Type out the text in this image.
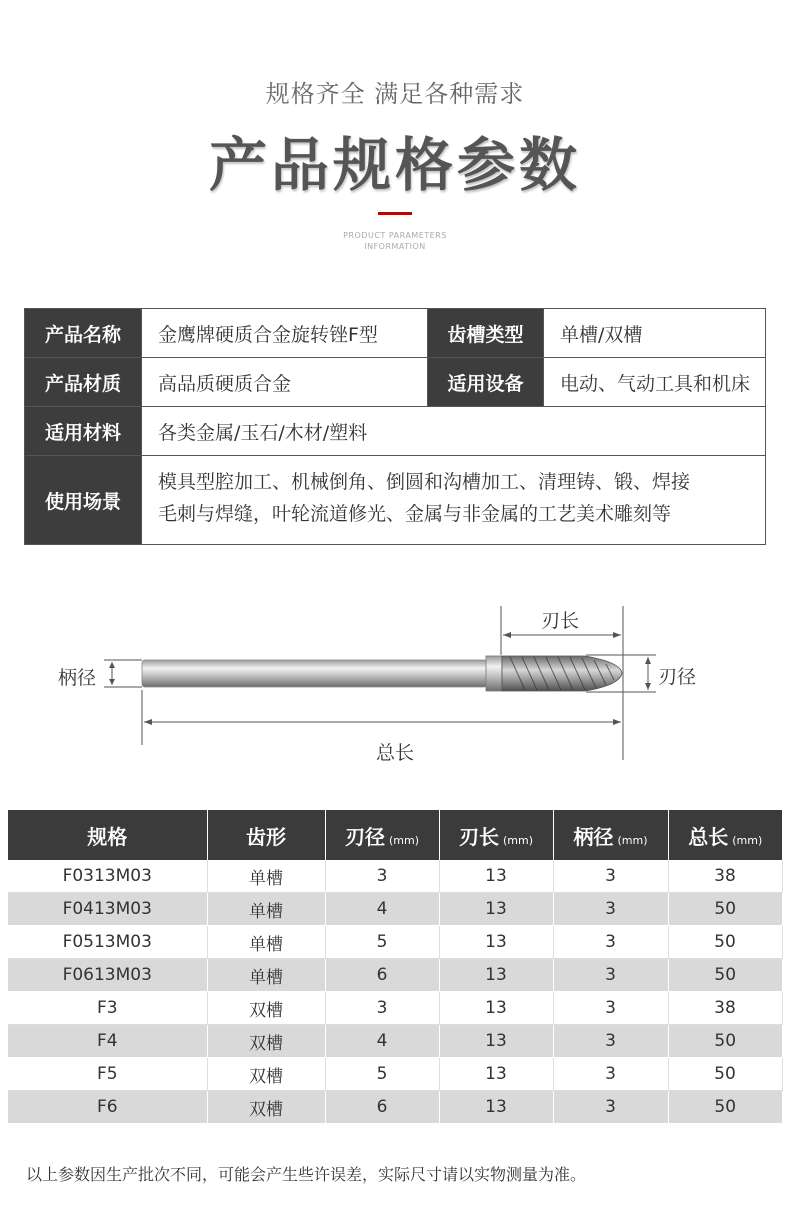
规格齐全 满足各种需求
产品规格参数
PRODUCT PARAMETERS
INFORMATION
产品名称	金鹰牌硬质合金旋转锉F型	齿槽类型	单槽/双槽
产品材质	高品质硬质合金	适用设备	电动、气动工具和机床
适用材料	各类金属/玉石/木材/塑料
使用场景
模具型腔加工、机械倒角、倒圆和沟槽加工、清理铸、锻、焊接
毛刺与焊缝，叶轮流道修光、金属与非金属的工艺美术雕刻等
刃长
刃径
柄径
总长
规格	齿形	刃径 (mm)	刃长 (mm)	柄径 (mm)	总长 (mm)
F0313M03	单槽	3	13	3	38
F0413M03	单槽	4	13	3	50
F0513M03	单槽	5	13	3	50
F0613M03	单槽	6	13	3	50
F3	双槽	3	13	3	38
F4	双槽	4	13	3	50
F5	双槽	5	13	3	50
F6	双槽	6	13	3	50
以上参数因生产批次不同，可能会产生些许误差，实际尺寸请以实物测量为准。
